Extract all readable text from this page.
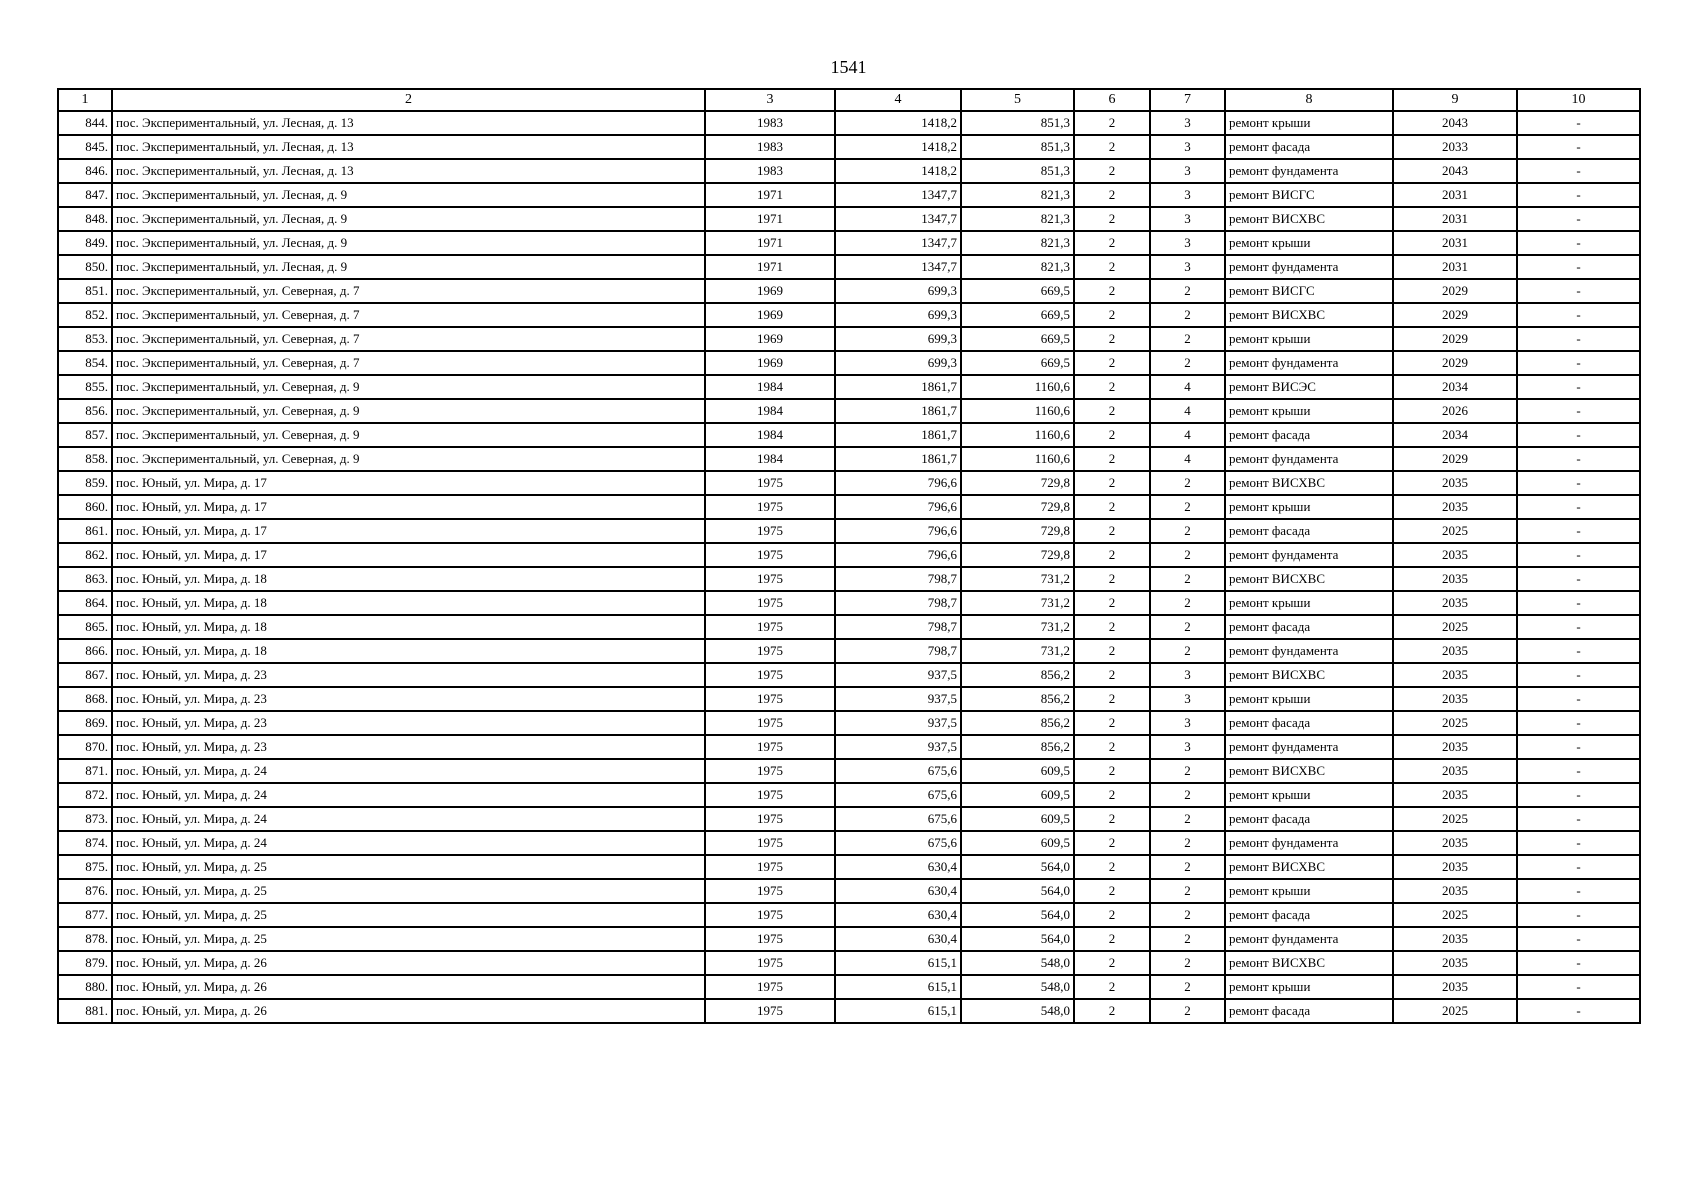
1541
1	2	3	4	5	6	7	8	9	10
844.	пос. Экспериментальный, ул. Лесная, д. 13	1983	1418,2	851,3	2	3	ремонт крыши	2043	-
845.	пос. Экспериментальный, ул. Лесная, д. 13	1983	1418,2	851,3	2	3	ремонт фасада	2033	-
846.	пос. Экспериментальный, ул. Лесная, д. 13	1983	1418,2	851,3	2	3	ремонт фундамента	2043	-
847.	пос. Экспериментальный, ул. Лесная, д. 9	1971	1347,7	821,3	2	3	ремонт ВИСГС	2031	-
848.	пос. Экспериментальный, ул. Лесная, д. 9	1971	1347,7	821,3	2	3	ремонт ВИСХВС	2031	-
849.	пос. Экспериментальный, ул. Лесная, д. 9	1971	1347,7	821,3	2	3	ремонт крыши	2031	-
850.	пос. Экспериментальный, ул. Лесная, д. 9	1971	1347,7	821,3	2	3	ремонт фундамента	2031	-
851.	пос. Экспериментальный, ул. Северная, д. 7	1969	699,3	669,5	2	2	ремонт ВИСГС	2029	-
852.	пос. Экспериментальный, ул. Северная, д. 7	1969	699,3	669,5	2	2	ремонт ВИСХВС	2029	-
853.	пос. Экспериментальный, ул. Северная, д. 7	1969	699,3	669,5	2	2	ремонт крыши	2029	-
854.	пос. Экспериментальный, ул. Северная, д. 7	1969	699,3	669,5	2	2	ремонт фундамента	2029	-
855.	пос. Экспериментальный, ул. Северная, д. 9	1984	1861,7	1160,6	2	4	ремонт ВИСЭС	2034	-
856.	пос. Экспериментальный, ул. Северная, д. 9	1984	1861,7	1160,6	2	4	ремонт крыши	2026	-
857.	пос. Экспериментальный, ул. Северная, д. 9	1984	1861,7	1160,6	2	4	ремонт фасада	2034	-
858.	пос. Экспериментальный, ул. Северная, д. 9	1984	1861,7	1160,6	2	4	ремонт фундамента	2029	-
859.	пос. Юный, ул. Мира, д. 17	1975	796,6	729,8	2	2	ремонт ВИСХВС	2035	-
860.	пос. Юный, ул. Мира, д. 17	1975	796,6	729,8	2	2	ремонт крыши	2035	-
861.	пос. Юный, ул. Мира, д. 17	1975	796,6	729,8	2	2	ремонт фасада	2025	-
862.	пос. Юный, ул. Мира, д. 17	1975	796,6	729,8	2	2	ремонт фундамента	2035	-
863.	пос. Юный, ул. Мира, д. 18	1975	798,7	731,2	2	2	ремонт ВИСХВС	2035	-
864.	пос. Юный, ул. Мира, д. 18	1975	798,7	731,2	2	2	ремонт крыши	2035	-
865.	пос. Юный, ул. Мира, д. 18	1975	798,7	731,2	2	2	ремонт фасада	2025	-
866.	пос. Юный, ул. Мира, д. 18	1975	798,7	731,2	2	2	ремонт фундамента	2035	-
867.	пос. Юный, ул. Мира, д. 23	1975	937,5	856,2	2	3	ремонт ВИСХВС	2035	-
868.	пос. Юный, ул. Мира, д. 23	1975	937,5	856,2	2	3	ремонт крыши	2035	-
869.	пос. Юный, ул. Мира, д. 23	1975	937,5	856,2	2	3	ремонт фасада	2025	-
870.	пос. Юный, ул. Мира, д. 23	1975	937,5	856,2	2	3	ремонт фундамента	2035	-
871.	пос. Юный, ул. Мира, д. 24	1975	675,6	609,5	2	2	ремонт ВИСХВС	2035	-
872.	пос. Юный, ул. Мира, д. 24	1975	675,6	609,5	2	2	ремонт крыши	2035	-
873.	пос. Юный, ул. Мира, д. 24	1975	675,6	609,5	2	2	ремонт фасада	2025	-
874.	пос. Юный, ул. Мира, д. 24	1975	675,6	609,5	2	2	ремонт фундамента	2035	-
875.	пос. Юный, ул. Мира, д. 25	1975	630,4	564,0	2	2	ремонт ВИСХВС	2035	-
876.	пос. Юный, ул. Мира, д. 25	1975	630,4	564,0	2	2	ремонт крыши	2035	-
877.	пос. Юный, ул. Мира, д. 25	1975	630,4	564,0	2	2	ремонт фасада	2025	-
878.	пос. Юный, ул. Мира, д. 25	1975	630,4	564,0	2	2	ремонт фундамента	2035	-
879.	пос. Юный, ул. Мира, д. 26	1975	615,1	548,0	2	2	ремонт ВИСХВС	2035	-
880.	пос. Юный, ул. Мира, д. 26	1975	615,1	548,0	2	2	ремонт крыши	2035	-
881.	пос. Юный, ул. Мира, д. 26	1975	615,1	548,0	2	2	ремонт фасада	2025	-
